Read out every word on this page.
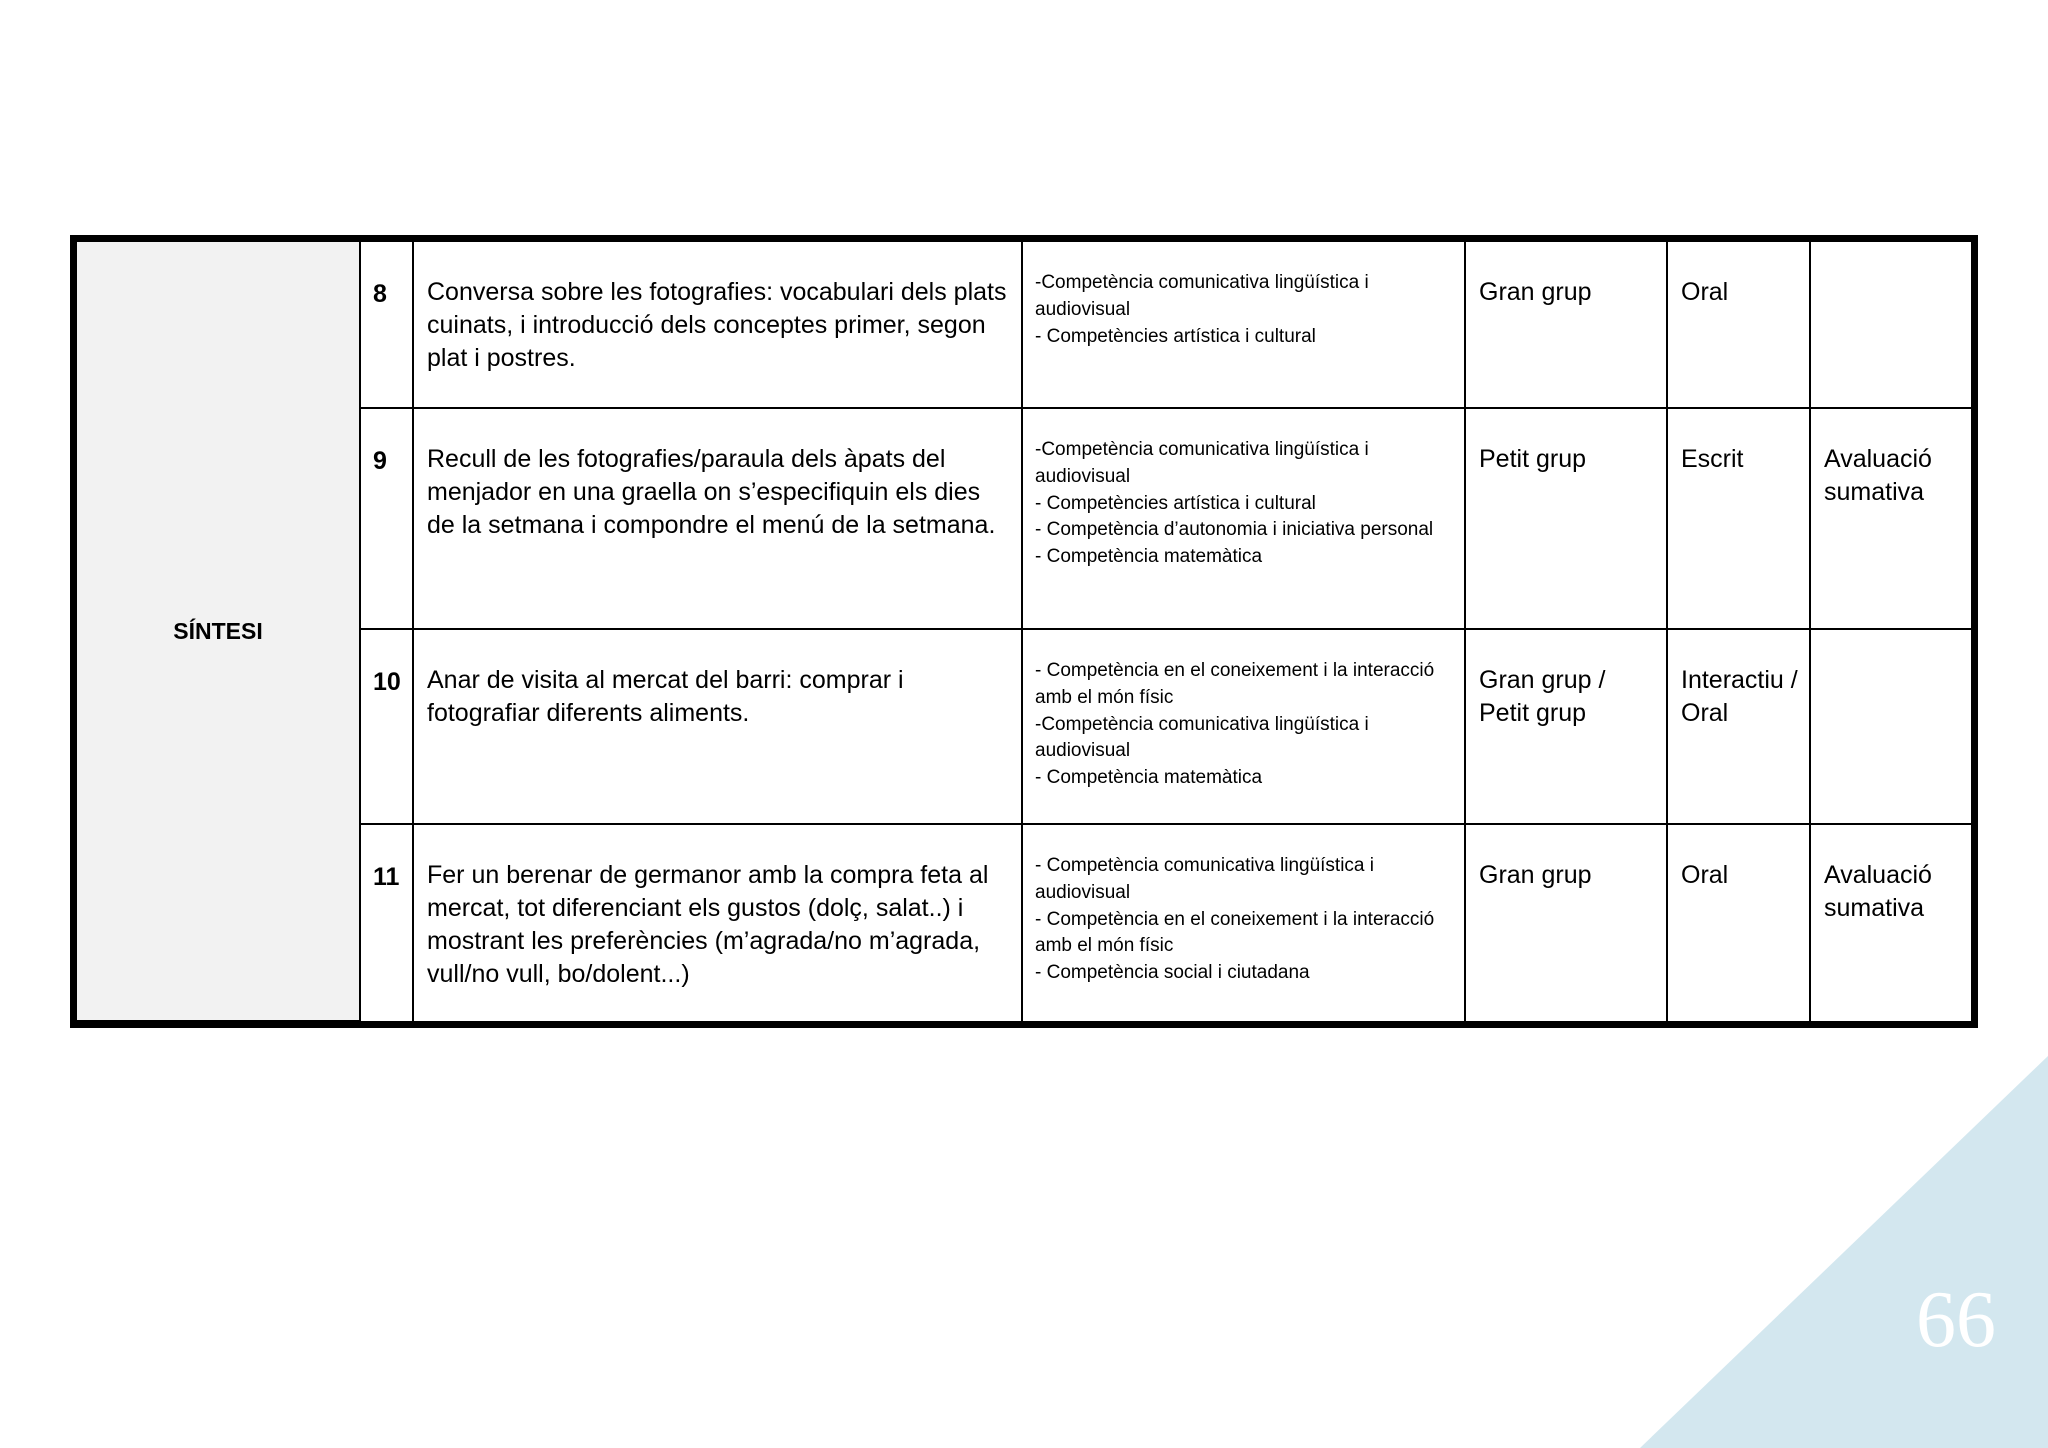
SÍNTESI	8	Conversa sobre les fotografies: vocabulari dels plats cuinats, i introducció dels conceptes primer, segon plat i postres.	-Competència comunicativa lingüística i audiovisual
- Competències artística i cultural	Gran grup	Oral	
	9	Recull de les fotografies/paraula dels àpats del menjador en una graella on s’especifiquin els dies de la setmana i compondre el menú de la setmana.	-Competència comunicativa lingüística i audiovisual
- Competències artística i cultural
- Competència d’autonomia i iniciativa personal
- Competència matemàtica	Petit grup	Escrit	Avaluació sumativa
	10	Anar de visita al mercat del barri: comprar i fotografiar diferents aliments.	- Competència en el coneixement i la interacció amb el món físic
-Competència comunicativa lingüística i audiovisual
- Competència matemàtica	Gran grup / Petit grup	Interactiu / Oral	
	11	Fer un berenar de germanor amb la compra feta al mercat, tot diferenciant els gustos (dolç, salat..) i mostrant les preferències (m’agrada/no m’agrada, vull/no vull, bo/dolent...)	- Competència comunicativa lingüística i audiovisual
- Competència en el coneixement i la interacció amb el món físic
- Competència social i ciutadana	Gran grup	Oral	Avaluació sumativa
66
